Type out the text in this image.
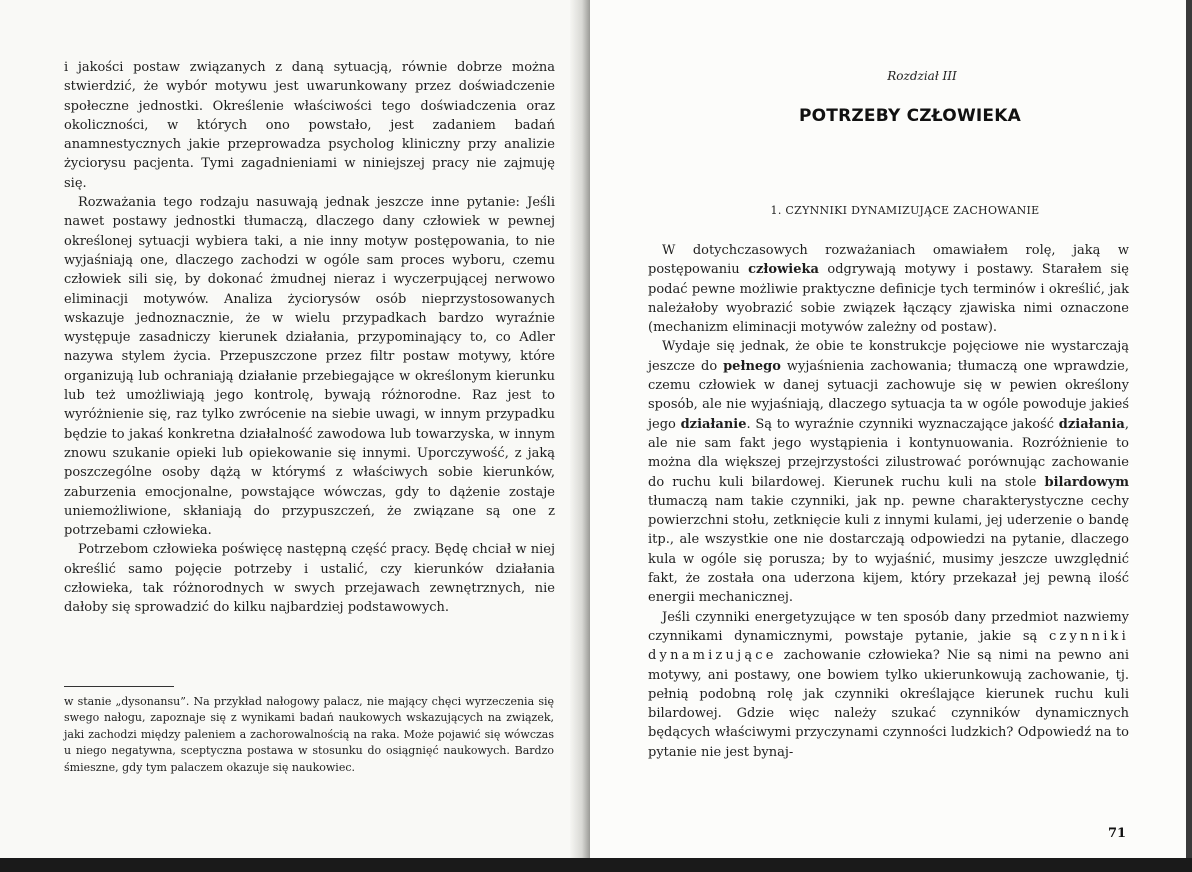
i jakości postaw związanych z daną sytuacją, równie dobrze można stwierdzić, że wybór motywu jest uwarunkowany przez doświadczenie społeczne jednostki. Określenie właściwości tego doświadczenia oraz okoliczności, w których ono powstało, jest zadaniem badań anamnestycznych jakie przeprowadza psycholog kliniczny przy analizie życiorysu pacjenta. Tymi zagadnieniami w niniejszej pracy nie zajmuję się.

Rozważania tego rodzaju nasuwają jednak jeszcze inne pytanie: Jeśli nawet postawy jednostki tłumaczą, dlaczego dany człowiek w pewnej określonej sytuacji wybiera taki, a nie inny motyw postępowania, to nie wyjaśniają one, dlaczego zachodzi w ogóle sam proces wyboru, czemu człowiek sili się, by dokonać żmudnej nieraz i wyczerpującej nerwowo eliminacji motywów. Analiza życiorysów osób nieprzystosowanych wskazuje jednoznacznie, że w wielu przypadkach bardzo wyraźnie występuje zasadniczy kierunek działania, przypominający to, co Adler nazywa stylem życia. Przepuszczone przez filtr postaw motywy, które organizują lub ochraniają działanie przebiegające w określonym kierunku lub też umożliwiają jego kontrolę, bywają różnorodne. Raz jest to wyróżnienie się, raz tylko zwrócenie na siebie uwagi, w innym przypadku będzie to jakaś konkretna działalność zawodowa lub towarzyska, w innym znowu szukanie opieki lub opiekowanie się innymi. Uporczywość, z jaką poszczególne osoby dążą w którymś z właściwych sobie kierunków, zaburzenia emocjonalne, powstające wówczas, gdy to dążenie zostaje uniemożliwione, skłaniają do przypuszczeń, że związane są one z potrzebami człowieka.

Potrzebom człowieka poświęcę następną część pracy. Będę chciał w niej określić samo pojęcie potrzeby i ustalić, czy kierunków działania człowieka, tak różnorodnych w swych przejawach zewnętrznych, nie dałoby się sprowadzić do kilku najbardziej podstawowych.

w stanie „dysonansu”. Na przykład nałogowy palacz, nie mający chęci wyrzeczenia się swego nałogu, zapoznaje się z wynikami badań naukowych wskazujących na związek, jaki zachodzi między paleniem a zachorowalnością na raka. Może pojawić się wówczas u niego negatywna, sceptyczna postawa w stosunku do osiągnięć naukowych. Bardzo śmieszne, gdy tym palaczem okazuje się naukowiec.

Rozdział III
POTRZEBY CZŁOWIEKA
1. CZYNNIKI DYNAMIZUJĄCE ZACHOWANIE

W dotychczasowych rozważaniach omawiałem rolę, jaką w postępowaniu człowieka odgrywają motywy i postawy. Starałem się podać pewne możliwie praktyczne definicje tych terminów i określić, jak należałoby wyobrazić sobie związek łączący zjawiska nimi oznaczone (mechanizm eliminacji motywów zależny od postaw).

Wydaje się jednak, że obie te konstrukcje pojęciowe nie wystarczają jeszcze do pełnego wyjaśnienia zachowania; tłumaczą one wprawdzie, czemu człowiek w danej sytuacji zachowuje się w pewien określony sposób, ale nie wyjaśniają, dlaczego sytuacja ta w ogóle powoduje jakieś jego działanie. Są to wyraźnie czynniki wyznaczające jakość działania, ale nie sam fakt jego wystąpienia i kontynuowania. Rozróżnienie to można dla większej przejrzystości zilustrować porównując zachowanie do ruchu kuli bilardowej. Kierunek ruchu kuli na stole bilardowym tłumaczą nam takie czynniki, jak np. pewne charakterystyczne cechy powierzchni stołu, zetknięcie kuli z innymi kulami, jej uderzenie o bandę itp., ale wszystkie one nie dostarczają odpowiedzi na pytanie, dlaczego kula w ogóle się porusza; by to wyjaśnić, musimy jeszcze uwzględnić fakt, że została ona uderzona kijem, który przekazał jej pewną ilość energii mechanicznej.

Jeśli czynniki energetyzujące w ten sposób dany przedmiot nazwiemy czynnikami dynamicznymi, powstaje pytanie, jakie są czynniki dynamizujące zachowanie człowieka? Nie są nimi na pewno ani motywy, ani postawy, one bowiem tylko ukierunkowują zachowanie, tj. pełnią podobną rolę jak czynniki określające kierunek ruchu kuli bilardowej. Gdzie więc należy szukać czynników dynamicznych będących właściwymi przyczynami czynności ludzkich? Odpowiedź na to pytanie nie jest bynaj-

71
